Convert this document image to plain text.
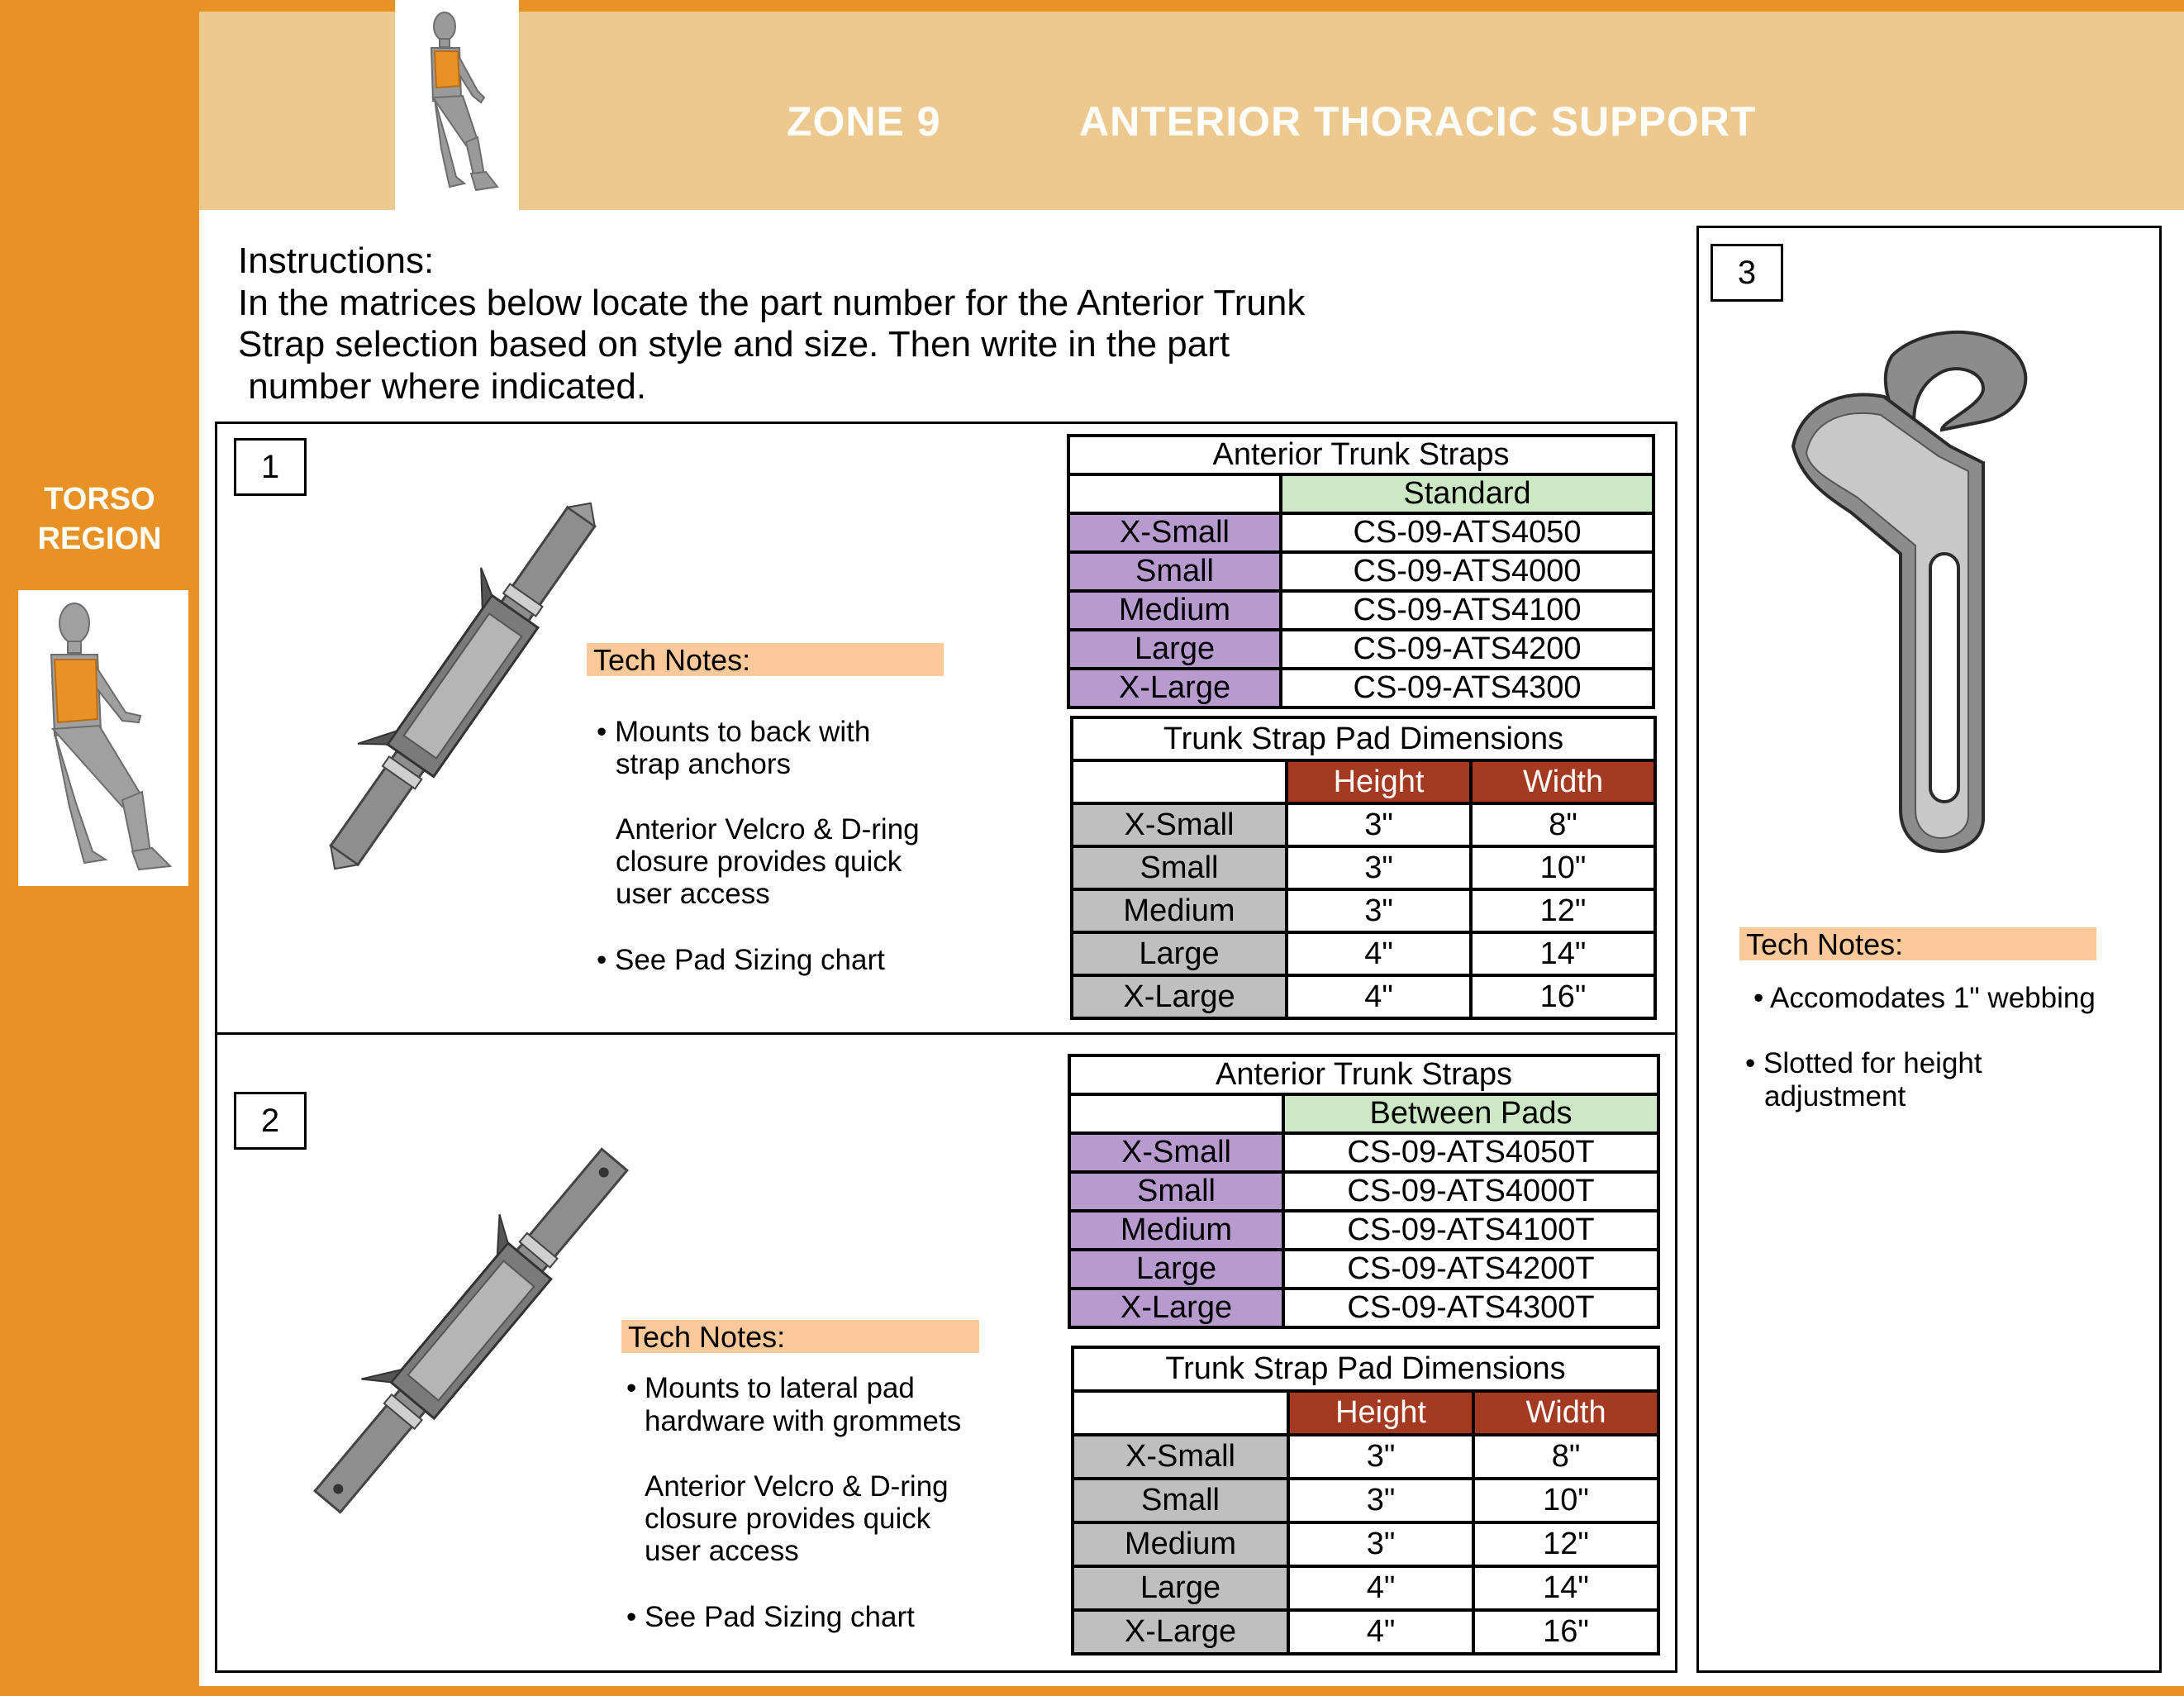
ZONE 9	ANTERIOR THORACIC SUPPORT
TORSO
REGION
Instructions:
In the matrices below locate the part number for the Anterior Trunk
Strap selection based on style and size. Then write in the part
number where indicated.
1
2
3
Anterior Trunk Straps	
	Standard
X-Small	CS-09-ATS4050
Small	CS-09-ATS4000
Medium	CS-09-ATS4100
Large	CS-09-ATS4200
X-Large	CS-09-ATS4300
Trunk Strap Pad Dimensions		
	Height	Width
X-Small	3"	8"
Small	3"	10"
Medium	3"	12"
Large	4"	14"
X-Large	4"	16"
Tech Notes:
• Mounts to back with
strap anchors
Anterior Velcro & D-ring
closure provides quick
user access
• See Pad Sizing chart
Anterior Trunk Straps	
	Between Pads
X-Small	CS-09-ATS4050T
Small	CS-09-ATS4000T
Medium	CS-09-ATS4100T
Large	CS-09-ATS4200T
X-Large	CS-09-ATS4300T
Trunk Strap Pad Dimensions		
	Height	Width
X-Small	3"	8"
Small	3"	10"
Medium	3"	12"
Large	4"	14"
X-Large	4"	16"
Tech Notes:
• Mounts to lateral pad
hardware with grommets
Anterior Velcro & D-ring
closure provides quick
user access
• See Pad Sizing chart
Tech Notes:
• Accomodates 1" webbing
• Slotted for height
adjustment
